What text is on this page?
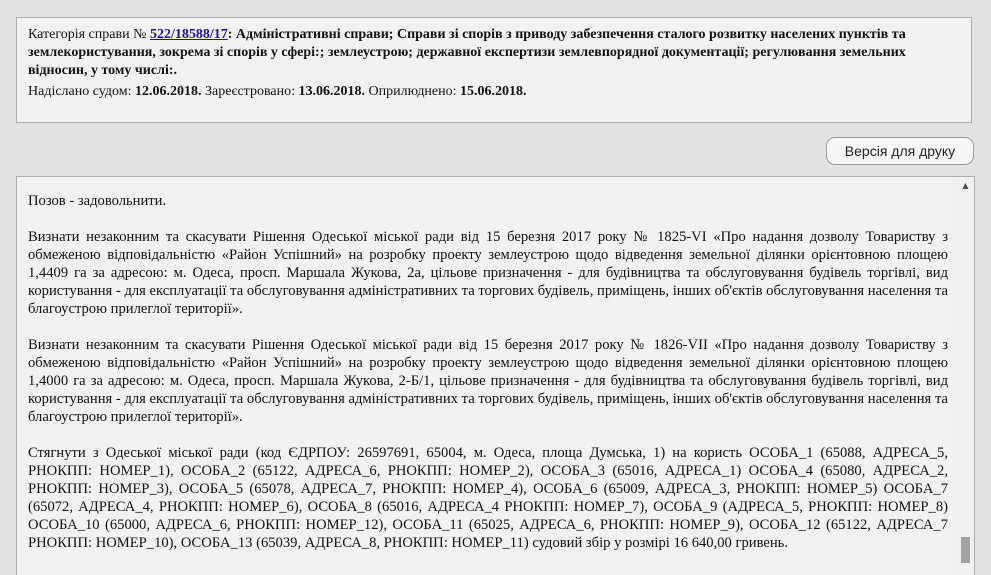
Категорія справи № 522/18588/17: Адміністративні справи; Справи зі спорів з приводу забезпечення сталого розвитку населених пунктів та землекористування, зокрема зі спорів у сфері:; землеустрою; державної експертизи землевпорядної документації; регулювання земельних відносин, у тому числі:.

Надіслано судом: 12.06.2018. Зареєстровано: 13.06.2018. Оприлюднено: 15.06.2018.

Версія для друку

Позов - задовольнити.

Визнати незаконним та скасувати Рішення Одеської міської ради від 15 березня 2017 року № 1825-VI «Про надання дозволу Товариству з обмеженою відповідальністю «Район Успішний» на розробку проекту землеустрою щодо відведення земельної ділянки орієнтовною площею 1,4409 га за адресою: м. Одеса, просп. Маршала Жукова, 2а, цільове призначення - для будівництва та обслуговування будівель торгівлі, вид користування - для експлуатації та обслуговування адміністративних та торгових будівель, приміщень, інших об'єктів обслуговування населення та благоустрою прилеглої території».

Визнати незаконним та скасувати Рішення Одеської міської ради від 15 березня 2017 року № 1826-VII «Про надання дозволу Товариству з обмеженою відповідальністю «Район Успішний» на розробку проекту землеустрою щодо відведення земельної ділянки орієнтовною площею 1,4000 га за адресою: м. Одеса, просп. Маршала Жукова, 2-Б/1, цільове призначення - для будівництва та обслуговування будівель торгівлі, вид користування - для експлуатації та обслуговування адміністративних та торгових будівель, приміщень, інших об'єктів обслуговування населення та благоустрою прилеглої території».

Стягнути з Одеської міської ради (код ЄДРПОУ: 26597691, 65004, м. Одеса, площа Думська, 1) на користь ОСОБА_1 (65088, АДРЕСА_5, РНОКПП: НОМЕР_1), ОСОБА_2 (65122, АДРЕСА_6, РНОКПП: НОМЕР_2), ОСОБА_3 (65016, АДРЕСА_1) ОСОБА_4 (65080, АДРЕСА_2, РНОКПП: НОМЕР_3), ОСОБА_5 (65078, АДРЕСА_7, РНОКПП: НОМЕР_4), ОСОБА_6 (65009, АДРЕСА_3, РНОКПП: НОМЕР_5) ОСОБА_7 (65072, АДРЕСА_4, РНОКПП: НОМЕР_6), ОСОБА_8 (65016, АДРЕСА_4 РНОКПП: НОМЕР_7), ОСОБА_9 (АДРЕСА_5, РНОКПП: НОМЕР_8) ОСОБА_10 (65000, АДРЕСА_6, РНОКПП: НОМЕР_12), ОСОБА_11 (65025, АДРЕСА_6, РНОКПП: НОМЕР_9), ОСОБА_12 (65122, АДРЕСА_7 РНОКПП: НОМЕР_10), ОСОБА_13 (65039, АДРЕСА_8, РНОКПП: НОМЕР_11) судовий збір у розмірі 16 640,00 гривень.

▲
